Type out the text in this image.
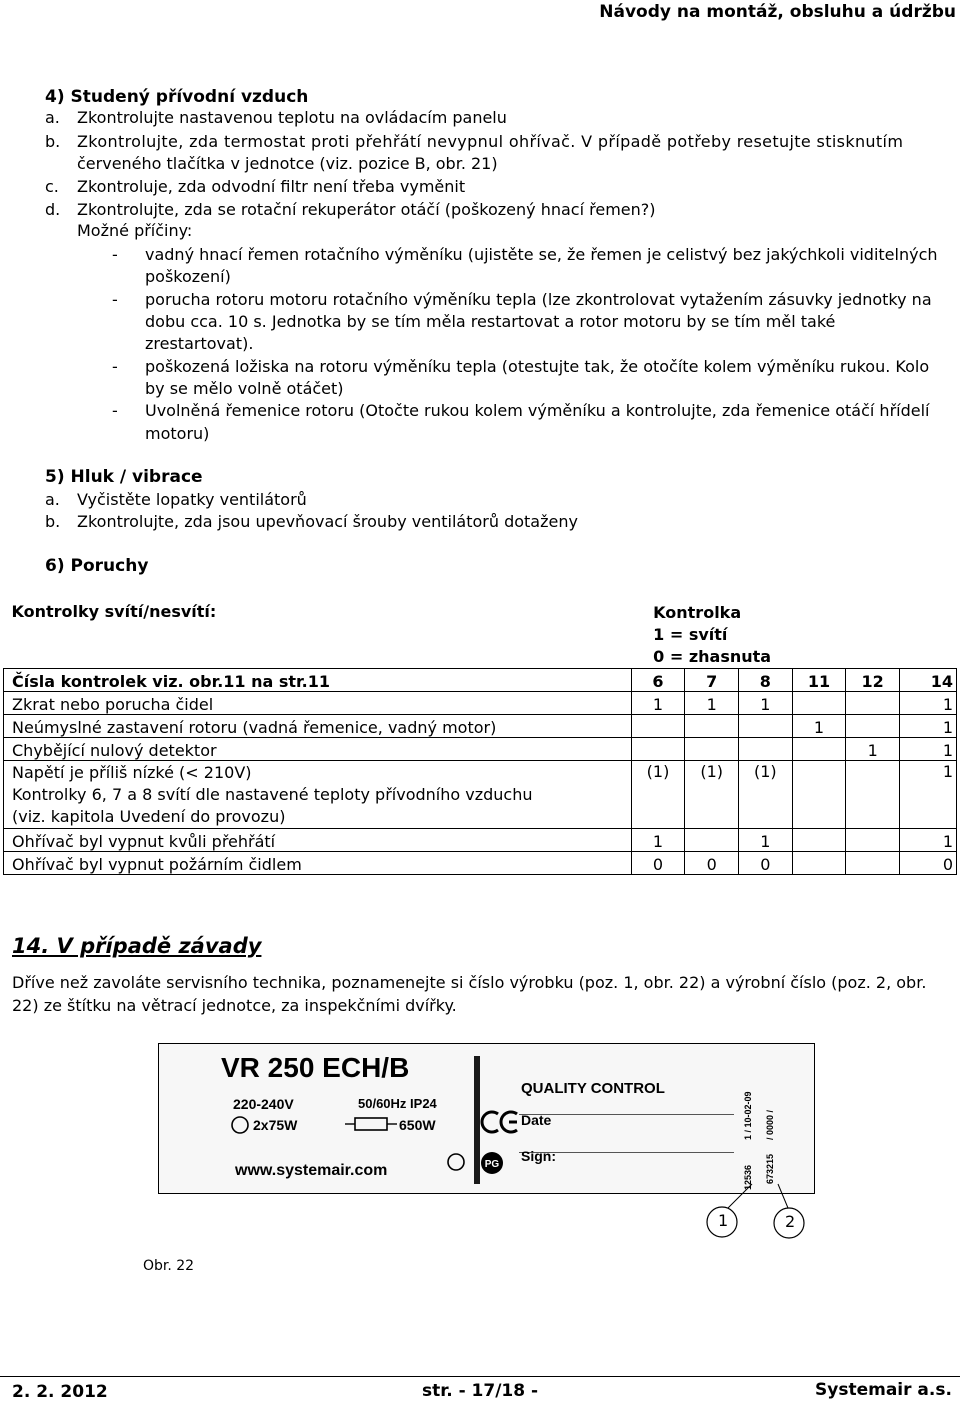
Návody na montáž, obsluhu a údržbu
4) Studený přívodní vzduch
a. Zkontrolujte nastavenou teplotu na ovládacím panelu
b. Zkontrolujte, zda termostat proti přehřátí nevypnul ohřívač. V případě potřeby resetujte stisknutím
červeného tlačítka v jednotce (viz. pozice B, obr. 21)
c. Zkontroluje, zda odvodní filtr není třeba vyměnit
d. Zkontrolujte, zda se rotační rekuperátor otáčí (poškozený hnací řemen?)
Možné příčiny:
- vadný hnací řemen rotačního výměníku (ujistěte se, že řemen je celistvý bez jakýchkoli viditelných
poškození)
- porucha rotoru motoru rotačního výměníku tepla (lze zkontrolovat vytažením zásuvky jednotky na
dobu cca. 10 s. Jednotka by se tím měla restartovat a rotor motoru by se tím měl také
zrestartovat).
- poškozená ložiska na rotoru výměníku tepla (otestujte tak, že otočíte kolem výměníku rukou. Kolo
by se mělo volně otáčet)
- Uvolněná řemenice rotoru (Otočte rukou kolem výměníku a kontrolujte, zda řemenice otáčí hřídelí
motoru)
5) Hluk / vibrace
a. Vyčistěte lopatky ventilátorů
b. Zkontrolujte, zda jsou upevňovací šrouby ventilátorů dotaženy
6) Poruchy
Kontrolky svítí/nesvítí:	Kontrolka
1 = svítí
0 = zhasnuta					

Čísla kontrolek viz. obr.11 na str.11	6	7	8	11	12	14
Zkrat nebo porucha čidel	1	1	1			1
Neúmyslné zastavení rotoru (vadná řemenice, vadný motor)				1		1
Chybějící nulový detektor					1	1

Napětí je příliš nízké (< 210V)
Kontrolky 6, 7 a 8 svítí dle nastavené teploty přívodního vzduchu
(viz. kapitola Uvedení do provozu)	(1)	(1)	(1)			1
Ohřívač byl vypnut kvůli přehřátí	1		1			1
Ohřívač byl vypnut požárním čidlem	0	0	0			0
14. V případě závady
Dříve než zavoláte servisního technika, poznamenejte si číslo výrobku (poz. 1, obr. 22) a výrobní číslo (poz. 2, obr.
22) ze štítku na větrací jednotce, za inspekčními dvířky.
PG
VR 250 ECH/B
220-240V	50/60Hz IP24
2x75W	650W
www.systemair.com
QUALITY CONTROL
Date
Sign:
1 / 10-02-09
12536 673215
/ 0000 /
1	2
Obr. 22
2. 2. 2012	str. - 17/18 -	Systemair a.s.
